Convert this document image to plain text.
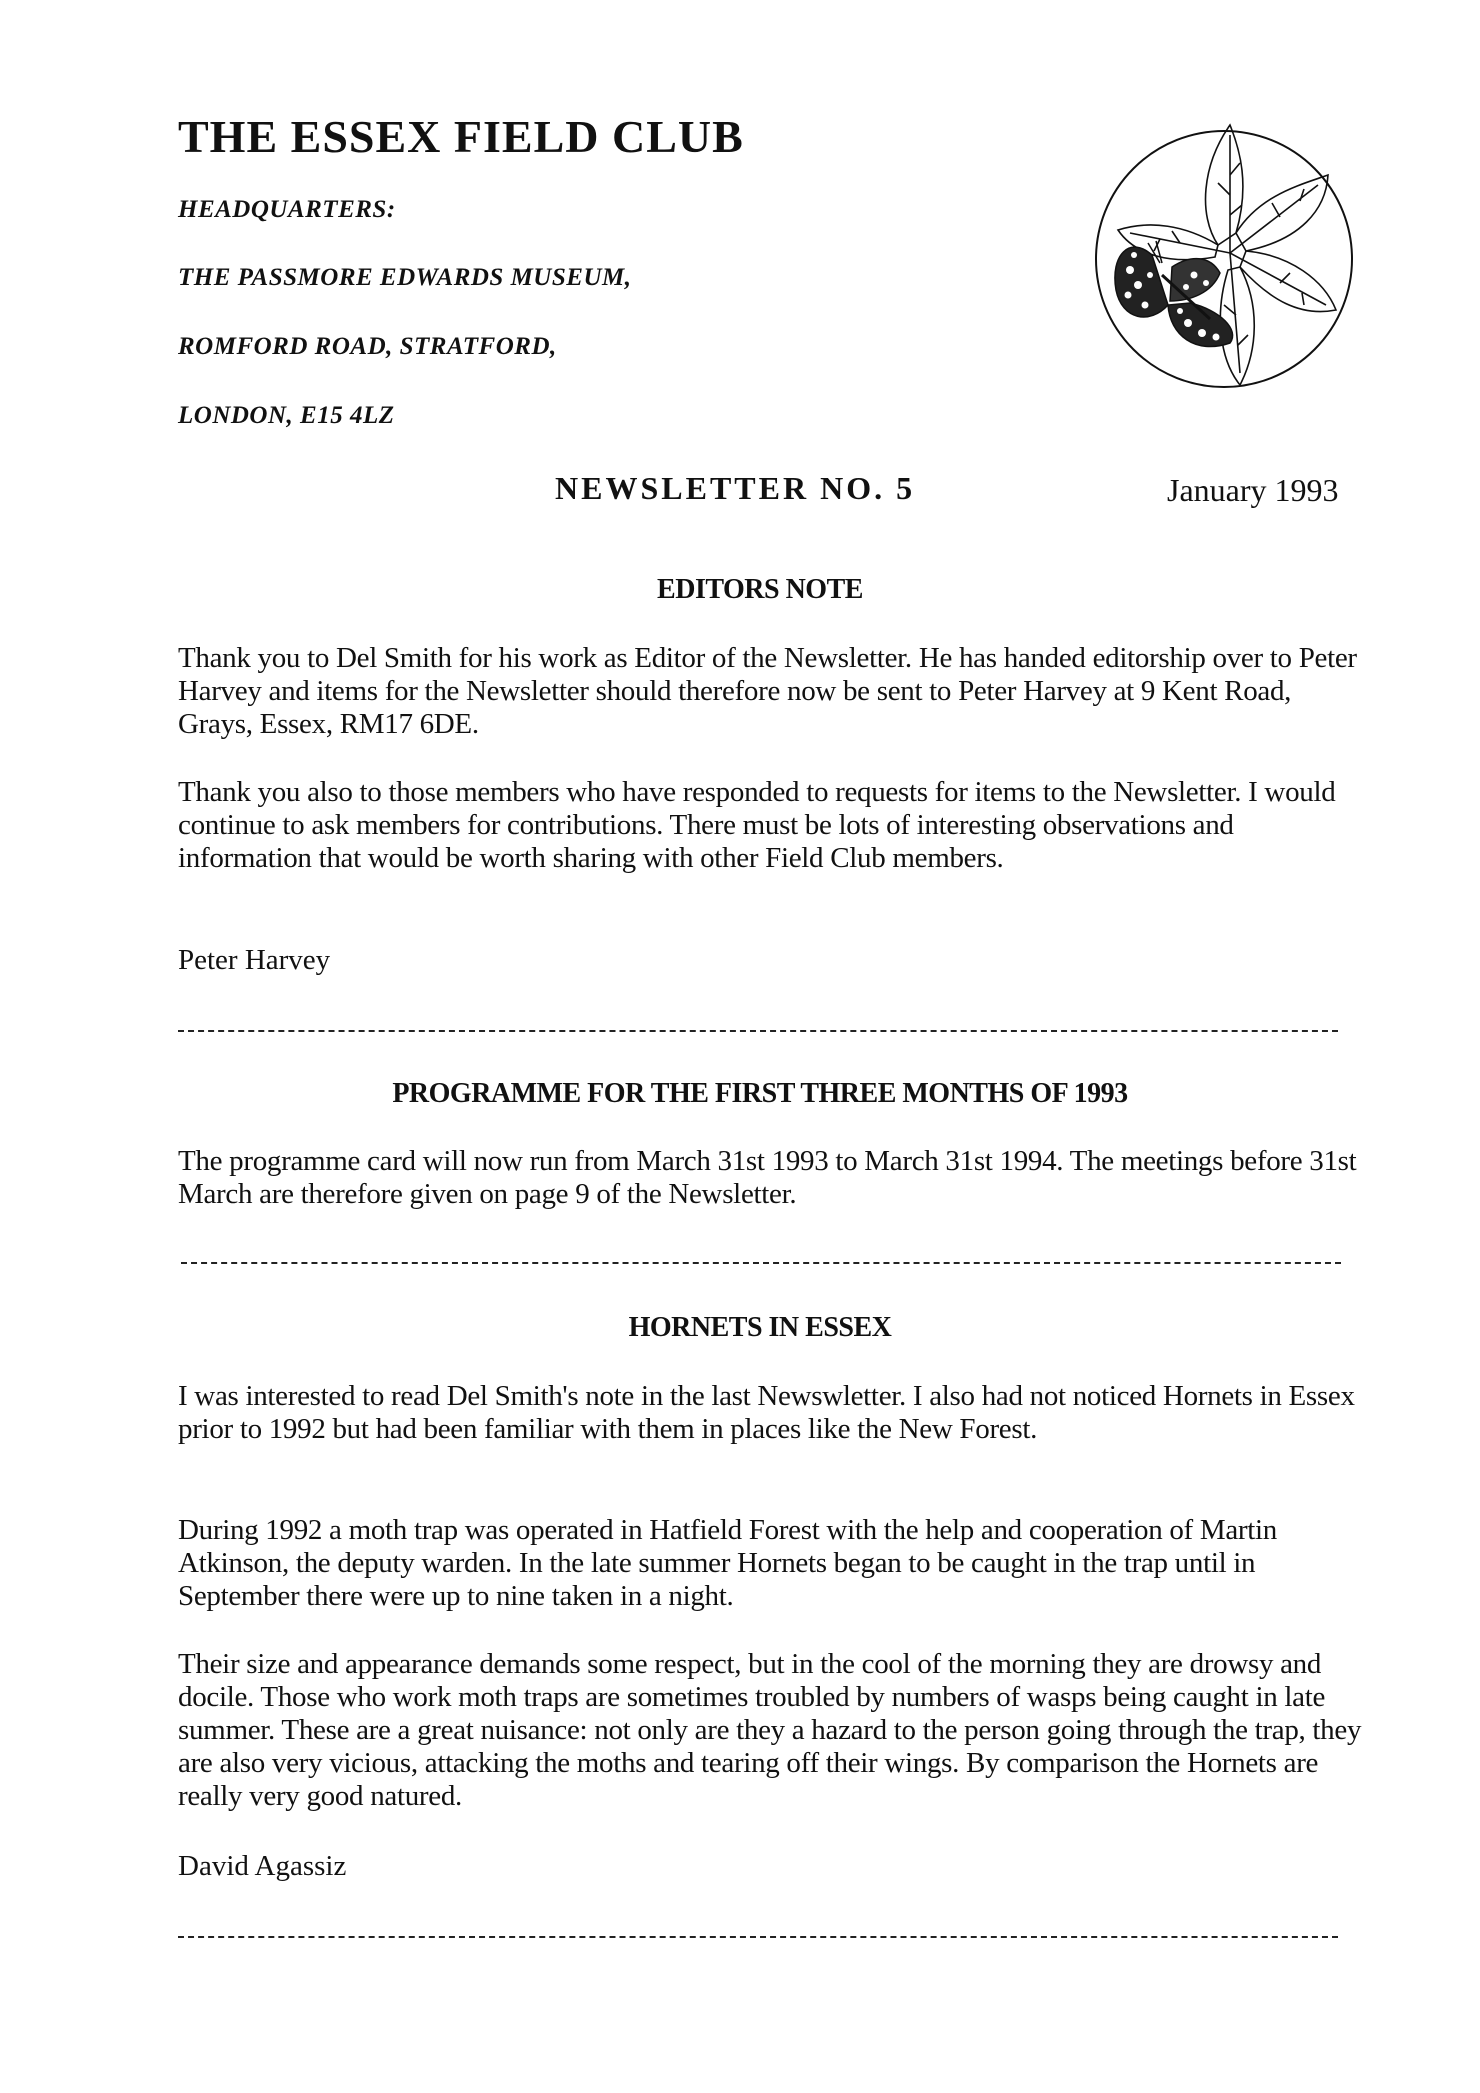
THE ESSEX FIELD CLUB

HEADQUARTERS:

THE PASSMORE EDWARDS MUSEUM,

ROMFORD ROAD, STRATFORD,

LONDON, E15 4LZ

NEWSLETTER NO. 5	January 1993

EDITORS NOTE

Thank you to Del Smith for his work as Editor of the Newsletter. He has handed editorship over to Peter Harvey and items for the Newsletter should therefore now be sent to Peter Harvey at 9 Kent Road, Grays, Essex, RM17 6DE.

Thank you also to those members who have responded to requests for items to the Newsletter. I would continue to ask members for contributions. There must be lots of interesting observations and information that would be worth sharing with other Field Club members.

Peter Harvey

PROGRAMME FOR THE FIRST THREE MONTHS OF 1993

The programme card will now run from March 31st 1993 to March 31st 1994. The meetings before 31st March are therefore given on page 9 of the Newsletter.

HORNETS IN ESSEX

I was interested to read Del Smith's note in the last Newswletter. I also had not noticed Hornets in Essex prior to 1992 but had been familiar with them in places like the New Forest.

During 1992 a moth trap was operated in Hatfield Forest with the help and cooperation of Martin Atkinson, the deputy warden. In the late summer Hornets began to be caught in the trap until in September there were up to nine taken in a night.

Their size and appearance demands some respect, but in the cool of the morning they are drowsy and docile. Those who work moth traps are sometimes troubled by numbers of wasps being caught in late summer. These are a great nuisance: not only are they a hazard to the person going through the trap, they are also very vicious, attacking the moths and tearing off their wings. By comparison the Hornets are really very good natured.

David Agassiz
